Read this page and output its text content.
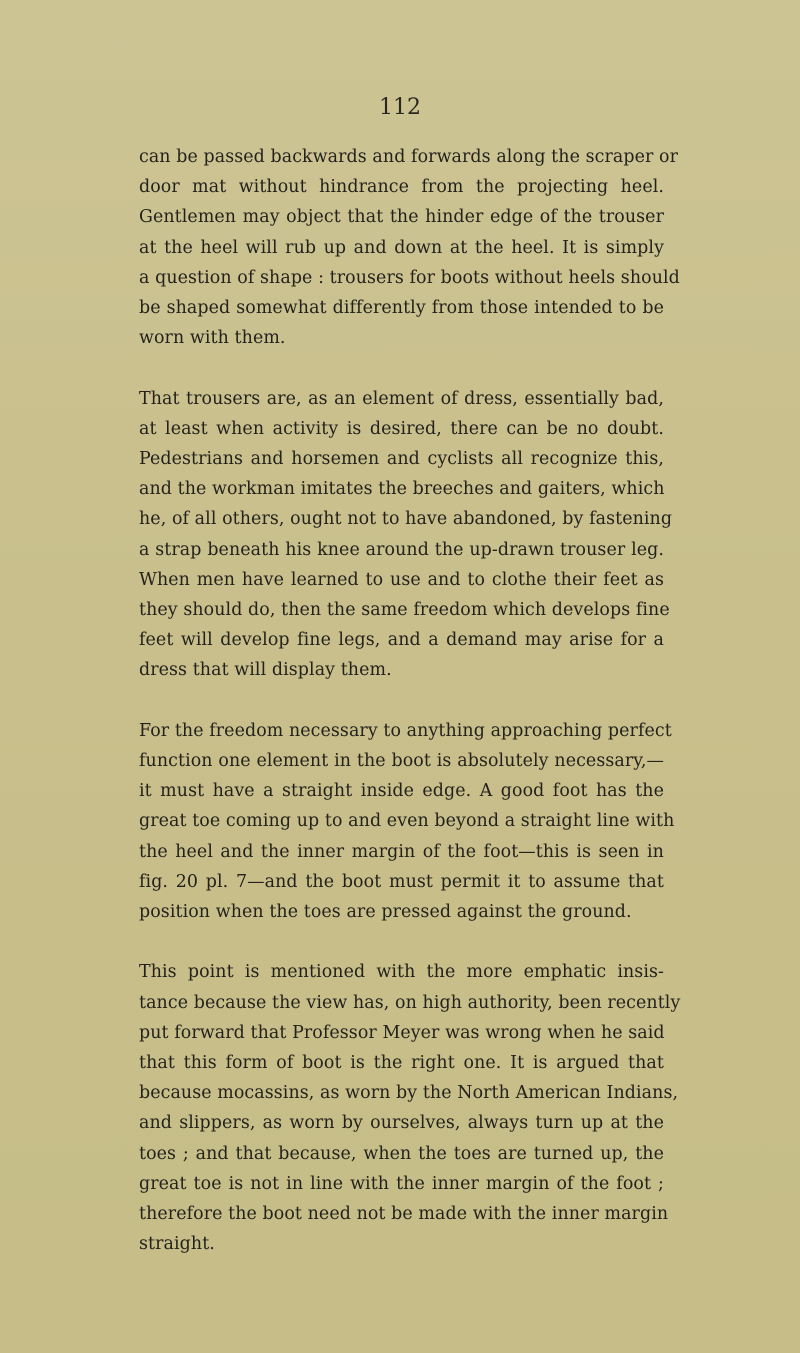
112
can be passed backwards and forwards along the scraper or
door mat without hindrance from the projecting heel.
Gentlemen may object that the hinder edge of the trouser
at the heel will rub up and down at the heel. It is simply
a question of shape : trousers for boots without heels should
be shaped somewhat differently from those intended to be
worn with them.
That trousers are, as an element of dress, essentially bad,
at least when activity is desired, there can be no doubt.
Pedestrians and horsemen and cyclists all recognize this,
and the workman imitates the breeches and gaiters, which
he, of all others, ought not to have abandoned, by fastening
a strap beneath his knee around the up-drawn trouser leg.
When men have learned to use and to clothe their feet as
they should do, then the same freedom which develops fine
feet will develop fine legs, and a demand may arise for a
dress that will display them.
For the freedom necessary to anything approaching perfect
function one element in the boot is absolutely necessary,—
it must have a straight inside edge. A good foot has the
great toe coming up to and even beyond a straight line with
the heel and the inner margin of the foot—this is seen in
fig. 20 pl. 7—and the boot must permit it to assume that
position when the toes are pressed against the ground.
This point is mentioned with the more emphatic insis-
tance because the view has, on high authority, been recently
put forward that Professor Meyer was wrong when he said
that this form of boot is the right one. It is argued that
because mocassins, as worn by the North American Indians,
and slippers, as worn by ourselves, always turn up at the
toes ; and that because, when the toes are turned up, the
great toe is not in line with the inner margin of the foot ;
therefore the boot need not be made with the inner margin
straight.
